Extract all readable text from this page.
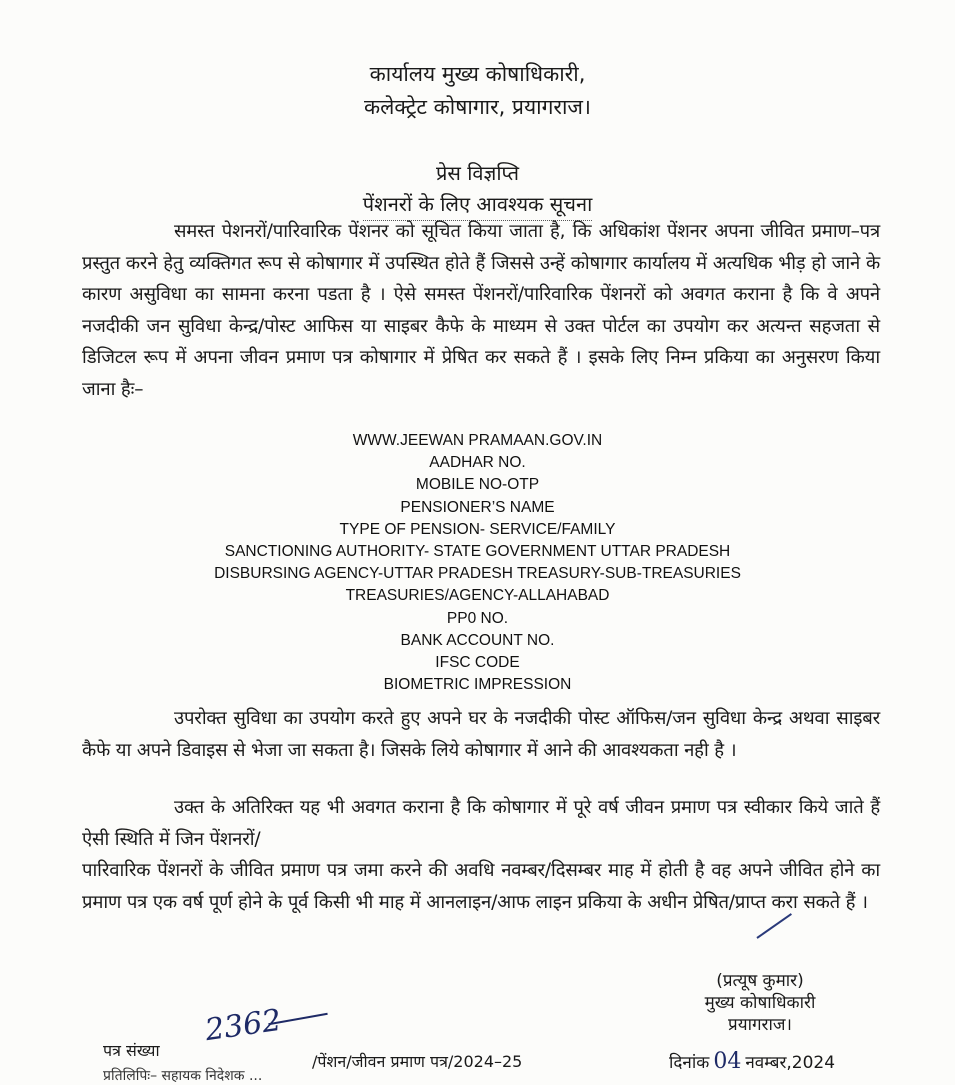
कार्यालय मुख्य कोषाधिकारी,
कलेक्ट्रेट कोषागार, प्रयागराज।
प्रेस विज्ञप्ति
पेंशनरों के लिए आवश्यक सूचना
समस्त पेशनरों/पारिवारिक पेंशनर को सूचित किया जाता है, कि अधिकांश पेंशनर अपना जीवित प्रमाण–पत्र प्रस्तुत करने हेतु व्यक्तिगत रूप से कोषागार में उपस्थित होते हैं जिससे उन्हें कोषागार कार्यालय में अत्यधिक भीड़ हो जाने के कारण असुविधा का सामना करना पडता है । ऐसे समस्त पेंशनरों/पारिवारिक पेंशनरों को अवगत कराना है कि वे अपने नजदीकी जन सुविधा केन्द्र/पोस्ट आफिस या साइबर कैफे के माध्यम से उक्त पोर्टल का उपयोग कर अत्यन्त सहजता से डिजिटल रूप में अपना जीवन प्रमाण पत्र कोषागार में प्रेषित कर सकते हैं । इसके लिए निम्न प्रकिया का अनुसरण किया जाना हैः–
WWW.JEEWAN PRAMAAN.GOV.IN
AADHAR NO.
MOBILE NO-OTP
PENSIONER’S NAME
TYPE OF PENSION- SERVICE/FAMILY
SANCTIONING AUTHORITY- STATE GOVERNMENT UTTAR PRADESH
DISBURSING AGENCY-UTTAR PRADESH TREASURY-SUB-TREASURIES
TREASURIES/AGENCY-ALLAHABAD
PP0 NO.
BANK ACCOUNT NO.
IFSC CODE
BIOMETRIC IMPRESSION
उपरोक्त सुविधा का उपयोग करते हुए अपने घर के नजदीकी पोस्ट ऑफिस/जन सुविधा केन्द्र अथवा साइबर कैफे या अपने डिवाइस से भेजा जा सकता है। जिसके लिये कोषागार में आने की आवश्यकता नही है ।
उक्त के अतिरिक्त यह भी अवगत कराना है कि कोषागार में पूरे वर्ष जीवन प्रमाण पत्र स्वीकार किये जाते हैं ऐसी स्थिति में जिन पेंशनरों/
पारिवारिक पेंशनरों के जीवित प्रमाण पत्र जमा करने की अवधि नवम्बर/दिसम्बर माह में होती है वह अपने जीवित होने का प्रमाण पत्र एक वर्ष पूर्ण होने के पूर्व किसी भी माह में आनलाइन/आफ लाइन प्रकिया के अधीन प्रेषित/प्राप्त करा सकते हैं ।
(प्रत्यूष कुमार)
मुख्य कोषाधिकारी
प्रयागराज।
पत्र संख्या
2362
/पेंशन/जीवन प्रमाण पत्र/2024–25	दिनांक 04 नवम्बर,2024
प्रतिलिपिः– सहायक निदेशक ...
